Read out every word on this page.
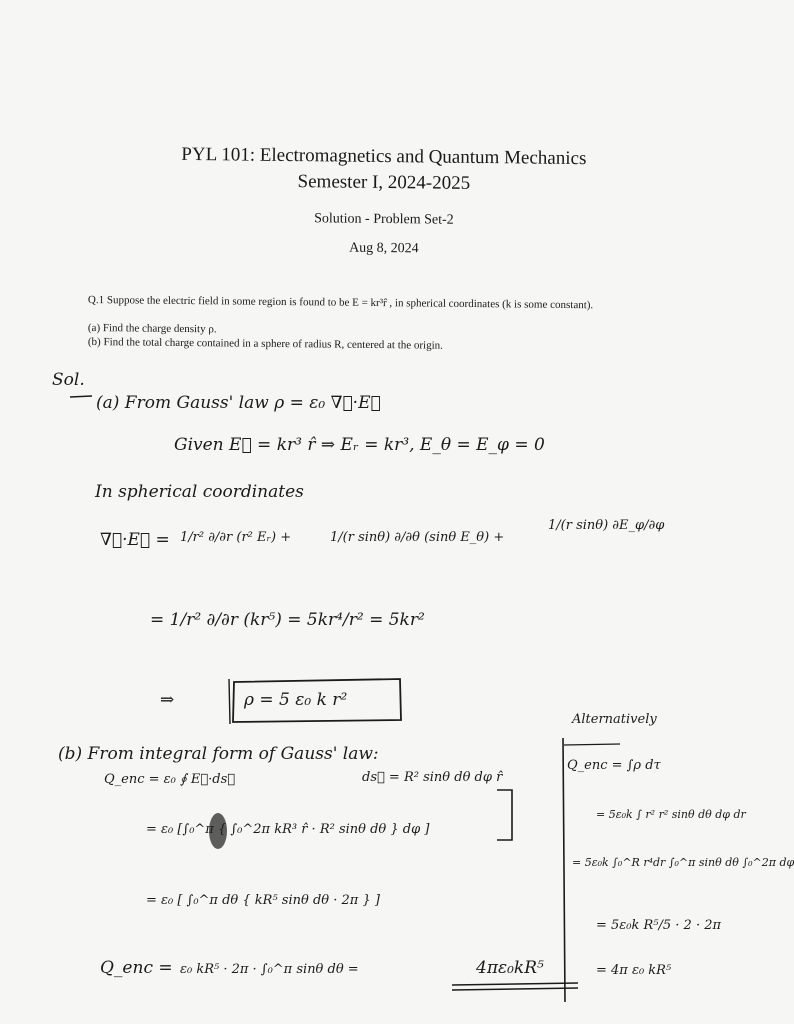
PYL 101: Electromagnetics and Quantum Mechanics
Semester I, 2024-2025
Solution - Problem Set-2
Aug 8, 2024
Q.1 Suppose the electric field in some region is found to be E = kr³r̂ , in spherical coordinates (k is some constant).
(a) Find the charge density ρ.
(b) Find the total charge contained in a sphere of radius R, centered at the origin.
Sol.
(a) From Gauss' law ρ = ε₀ ∇⃗·E⃗
Given E⃗ = kr³ r̂ ⇒ Eᵣ = kr³, E_θ = E_φ = 0
In spherical coordinates
∇⃗·E⃗ = 1/r² ∂/∂r (r² Eᵣ) +	1/(r sinθ) ∂/∂θ (sinθ E_θ) +
1/(r sinθ) ∂E_φ/∂φ
= 1/r² ∂/∂r (kr⁵) = 5kr⁴/r² = 5kr²
⇒	ρ = 5 ε₀ k r²
(b) From integral form of Gauss' law:
Q_enc = ε₀ ∮ E⃗·ds⃗	ds⃗ = R² sinθ dθ dφ r̂
= ε₀ [∫₀^π { ∫₀^2π kR³ r̂ · R² sinθ dθ } dφ ]
= ε₀ [ ∫₀^π dθ { kR⁵ sinθ dθ · 2π } ]
Q_enc = ε₀ kR⁵ · 2π · ∫₀^π sinθ dθ =	4πε₀kR⁵
Alternatively
Q_enc = ∫ρ dτ
= 5ε₀k ∫ r² r² sinθ dθ dφ dr
= 5ε₀k ∫₀^R r⁴dr ∫₀^π sinθ dθ ∫₀^2π dφ
= 5ε₀k R⁵/5 · 2 · 2π
= 4π ε₀ kR⁵
